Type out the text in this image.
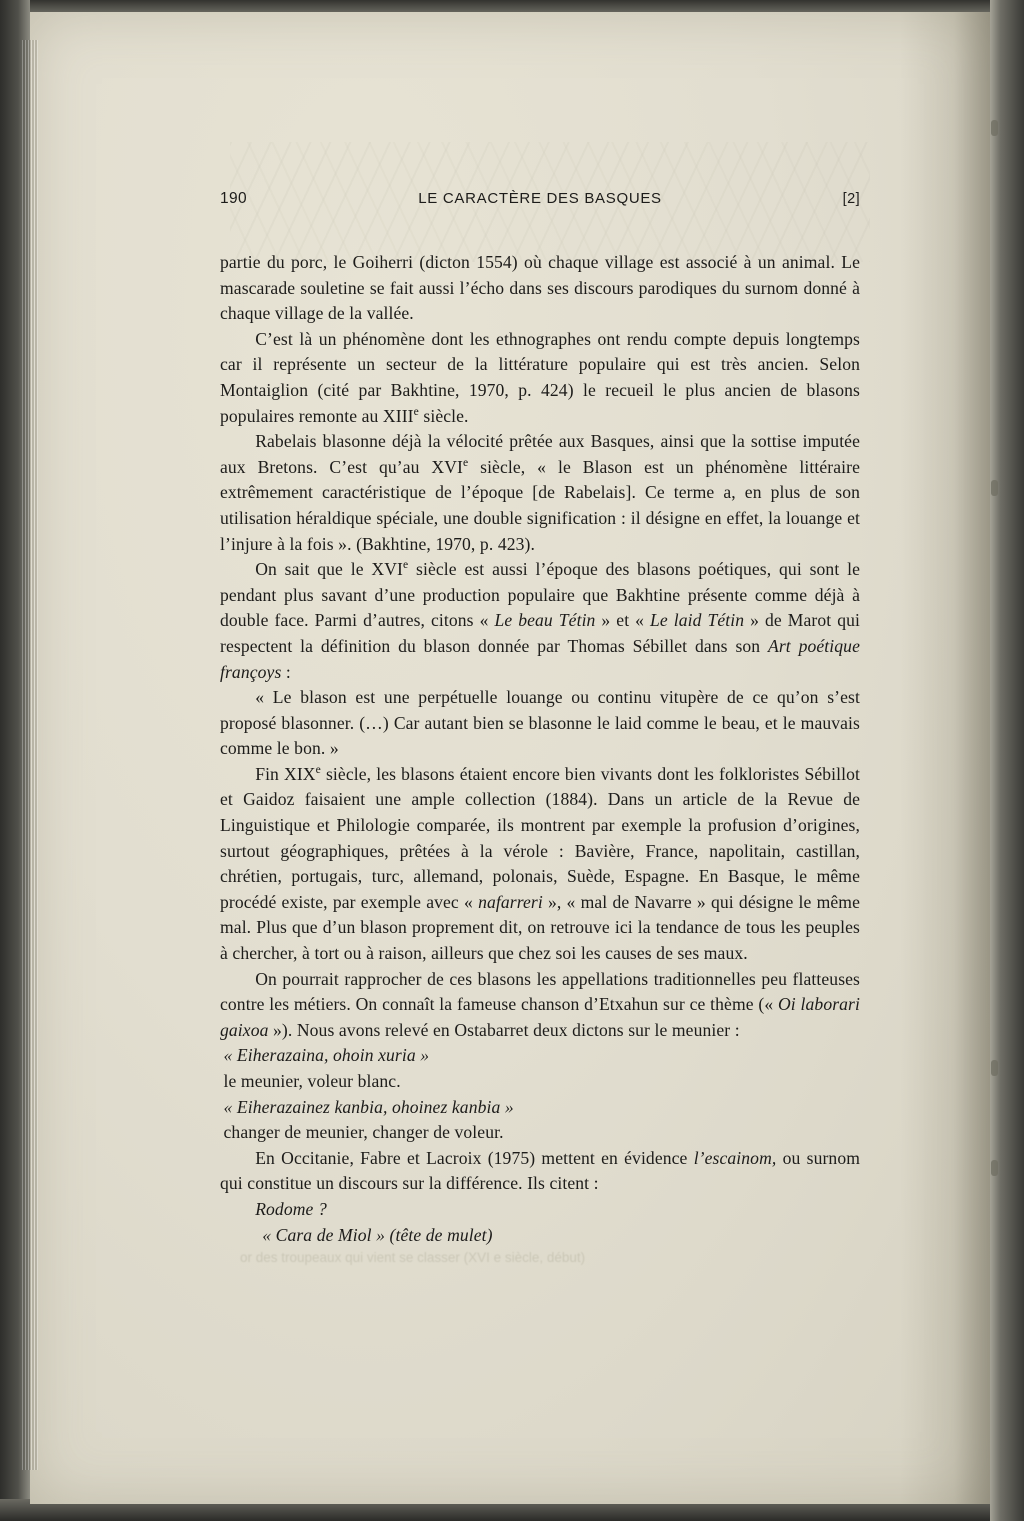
or des troupeaux qui vient se classer (XVI e siècle, début)
190	LE CARACTÈRE DES BASQUES	[2]

partie du porc, le Goiherri (dicton 1554) où chaque village est associé à un animal. Le mascarade souletine se fait aussi l’écho dans ses discours parodiques du surnom donné à chaque village de la vallée.

C’est là un phénomène dont les ethnographes ont rendu compte depuis longtemps car il représente un secteur de la littérature populaire qui est très ancien. Selon Montaiglion (cité par Bakhtine, 1970, p. 424) le recueil le plus ancien de blasons populaires remonte au XIIIe siècle.

Rabelais blasonne déjà la vélocité prêtée aux Basques, ainsi que la sottise imputée aux Bretons. C’est qu’au XVIe siècle, « le Blason est un phénomène littéraire extrêmement caractéristique de l’époque [de Rabelais]. Ce terme a, en plus de son utilisation héraldique spéciale, une double signification : il désigne en effet, la louange et l’injure à la fois ». (Bakhtine, 1970, p. 423).

On sait que le XVIe siècle est aussi l’époque des blasons poétiques, qui sont le pendant plus savant d’une production populaire que Bakhtine présente comme déjà à double face. Parmi d’autres, citons « Le beau Tétin » et « Le laid Tétin » de Marot qui respectent la définition du blason donnée par Thomas Sébillet dans son Art poétique françoys :

« Le blason est une perpétuelle louange ou continu vitupère de ce qu’on s’est proposé blasonner. (…) Car autant bien se blasonne le laid comme le beau, et le mauvais comme le bon. »

Fin XIXe siècle, les blasons étaient encore bien vivants dont les folkloristes Sébillot et Gaidoz faisaient une ample collection (1884). Dans un article de la Revue de Linguistique et Philologie comparée, ils montrent par exemple la profusion d’origines, surtout géographiques, prêtées à la vérole : Bavière, France, napolitain, castillan, chrétien, portugais, turc, allemand, polonais, Suède, Espagne. En Basque, le même procédé existe, par exemple avec « nafarreri », « mal de Navarre » qui désigne le même mal. Plus que d’un blason proprement dit, on retrouve ici la tendance de tous les peuples à chercher, à tort ou à raison, ailleurs que chez soi les causes de ses maux.

On pourrait rapprocher de ces blasons les appellations traditionnelles peu flatteuses contre les métiers. On connaît la fameuse chanson d’Etxahun sur ce thème (« Oi laborari gaixoa »). Nous avons relevé en Ostabarret deux dictons sur le meunier :

« Eiherazaina, ohoin xuria »

le meunier, voleur blanc.

« Eiherazainez kanbia, ohoinez kanbia »

changer de meunier, changer de voleur.

En Occitanie, Fabre et Lacroix (1975) mettent en évidence l’escainom, ou surnom qui constitue un discours sur la différence. Ils citent :

Rodome ?

« Cara de Miol » (tête de mulet)
